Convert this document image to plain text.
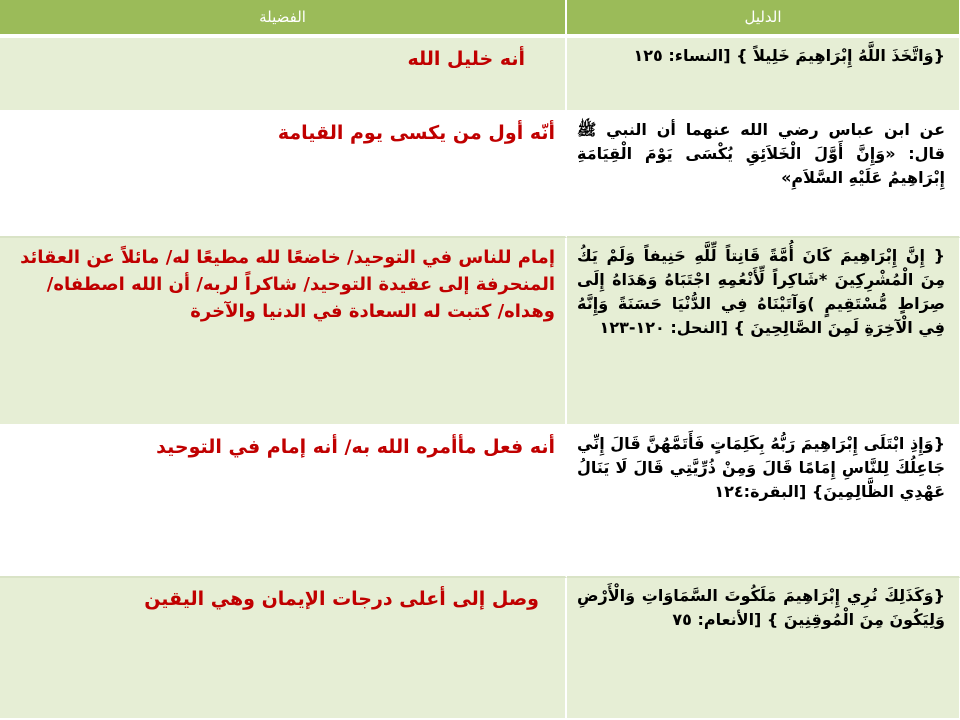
الدليل
الفضيلة
{وَاتَّخَذَ اللَّهُ إِبْرَاهِيمَ خَلِيلاً } [النساء: ١٢٥
أنه خليل الله
عن ابن عباس رضي الله عنهما أن النبي ﷺ قال: «وَإِنَّ أَوَّلَ الْخَلاَئِقِ يُكْسَى يَوْمَ الْقِيَامَةِ إِبْرَاهِيمُ عَلَيْهِ السَّلاَمِ»
أنّه أول من يكسى يوم القيامة
{ إِنَّ إِبْرَاهِيمَ كَانَ أُمَّةً قَانِتاً لِّلَّهِ حَنِيفاً وَلَمْ يَكُ مِنَ الْمُشْرِكِينَ *شَاكِراً لِّأَنْعُمِهِ اجْتَبَاهُ وَهَدَاهُ إِلَى صِرَاطٍ مُّسْتَقِيمٍ )وَآتَيْنَاهُ فِي الدُّنْيَا حَسَنَةً وَإِنَّهُ فِي الْآخِرَةِ لَمِنَ الصَّالِحِينَ } [النحل: ١٢٠-١٢٣
إمام للناس في التوحيد/ خاضعًا لله مطيعًا له/ مائلاً عن العقائد المنحرفة إلى عقيدة التوحيد/ شاكراً لربه/ أن الله اصطفاه/ وهداه/ كتبت له السعادة في الدنيا والآخرة
{وَإِذِ ابْتَلَى إِبْرَاهِيمَ رَبُّهُ بِكَلِمَاتٍ فَأَتَمَّهُنَّ قَالَ إِنِّي جَاعِلُكَ لِلنَّاسِ إِمَامًا قَالَ وَمِنْ ذُرِّيَّتِي قَالَ لَا يَنَالُ عَهْدِي الظَّالِمِينَ} [البقرة:١٢٤
أنه فعل مأأمره الله به/ أنه إمام في التوحيد
{وَكَذَلِكَ نُرِي إِبْرَاهِيمَ مَلَكُوتَ السَّمَاوَاتِ وَالْأَرْضِ وَلِيَكُونَ مِنَ الْمُوقِنِينَ } [الأنعام: ٧٥
وصل إلى أعلى درجات الإيمان وهي اليقين
